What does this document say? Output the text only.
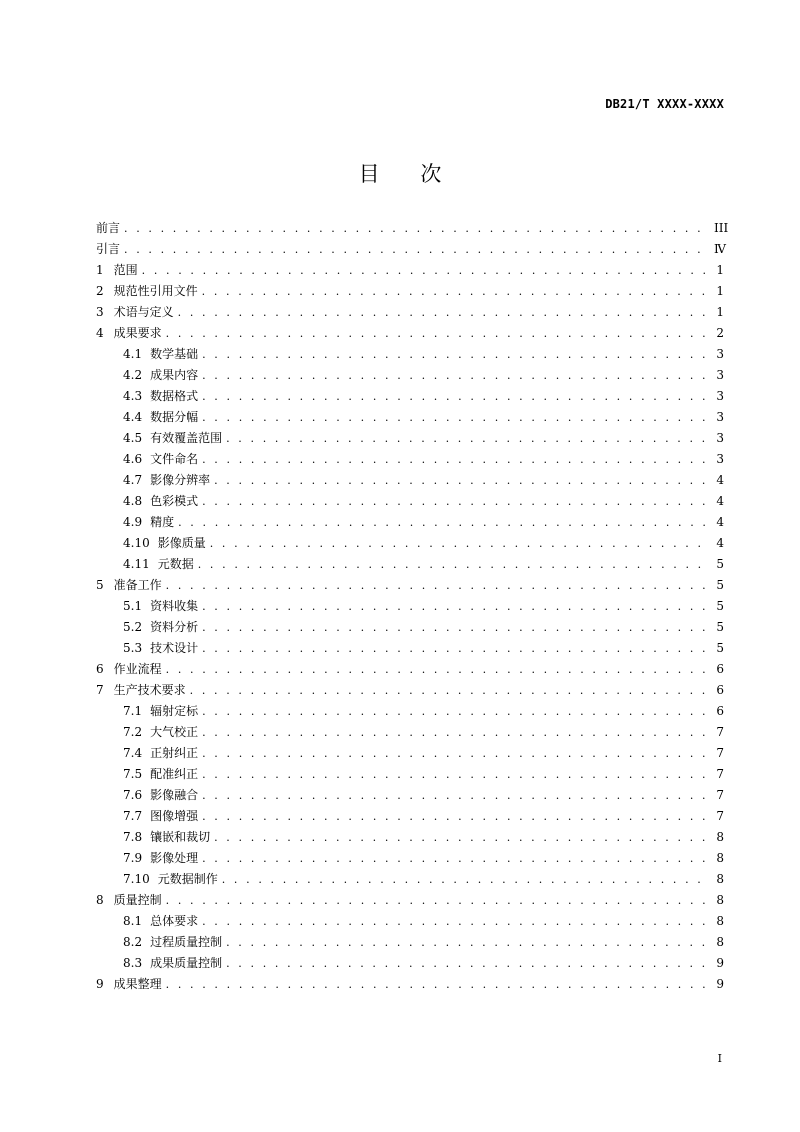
DB21/T XXXX-XXXX
目 次
前言 . . .	III
引言 . . .	Ⅳ
1 范围 . . .	1
2 规范性引用文件 . . .	1
3 术语与定义 . . .	1
4 成果要求 . . .	2
4.1 数学基础 . . .	3
4.2 成果内容 . . .	3
4.3 数据格式 . . .	3
4.4 数据分幅 . . .	3
4.5 有效覆盖范围 . . .	3
4.6 文件命名 . . .	3
4.7 影像分辨率 . . .	4
4.8 色彩模式 . . .	4
4.9 精度 . . .	4
4.10 影像质量 . . .	4
4.11 元数据 . . .	5
5 准备工作 . . .	5
5.1 资料收集 . . .	5
5.2 资料分析 . . .	5
5.3 技术设计 . . .	5
6 作业流程 . . .	6
7 生产技术要求 . . .	6
7.1 辐射定标 . . .	6
7.2 大气校正 . . .	7
7.4 正射纠正 . . .	7
7.5 配准纠正 . . .	7
7.6 影像融合 . . .	7
7.7 图像增强 . . .	7
7.8 镶嵌和裁切 . . .	8
7.9 影像处理 . . .	8
7.10 元数据制作 . . .	8
8 质量控制 . . .	8
8.1 总体要求 . . .	8
8.2 过程质量控制 . . .	8
8.3 成果质量控制 . . .	9
9 成果整理 . . .	9
I
